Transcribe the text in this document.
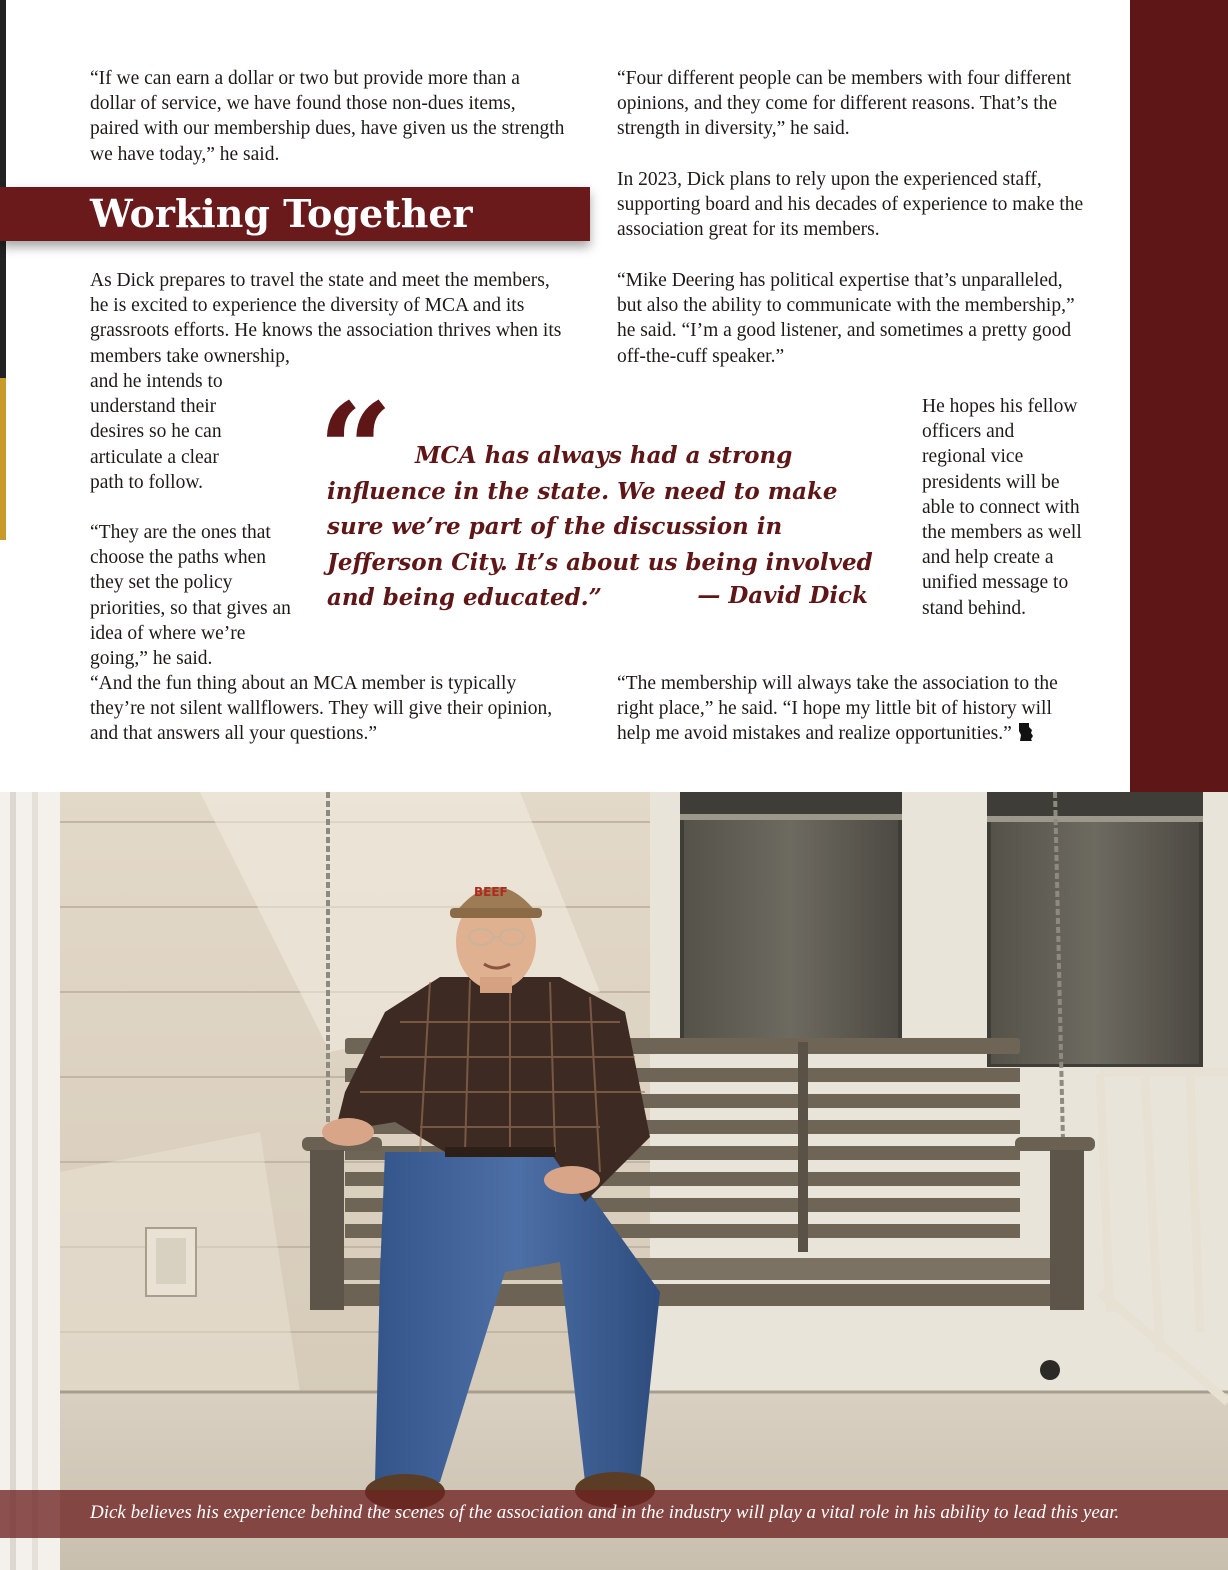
“If we can earn a dollar or two but provide more than a dollar of service, we have found those non-dues items, paired with our membership dues, have given us the strength we have today,” he said.

Working Together

As Dick prepares to travel the state and meet the members, he is excited to experience the diversity of MCA and its grassroots efforts. He knows the association thrives when its members take ownership,

and he intends to understand their desires so he can articulate a clear path to follow.

“They are the ones that choose the paths when they set the policy priorities, so that gives an idea of where we’re going,” he said.

“And the fun thing about an MCA member is typically they’re not silent wallflowers. They will give their opinion, and that answers all your questions.”

“Four different people can be members with four different opinions, and they come for different reasons. That’s the strength in diversity,” he said.

In 2023, Dick plans to rely upon the experienced staff, supporting board and his decades of experience to make the association great for its members.

“Mike Deering has political expertise that’s unparalleled, but also the ability to communicate with the membership,” he said. “I’m a good listener, and sometimes a pretty good off-the-cuff speaker.”

He hopes his fellow officers and regional vice presidents will be able to connect with the members as well and help create a unified message to stand behind.

“The membership will always take the association to the right place,” he said. “I hope my little bit of history will help me avoid mistakes and realize opportunities.”

“ MCA has always had a strong influence in the state. We need to make sure we’re part of the discussion in Jefferson City. It’s about us being involved and being educated.”	— David Dick

BEEF

Dick believes his experience behind the scenes of the association and in the industry will play a vital role in his ability to lead this year.
